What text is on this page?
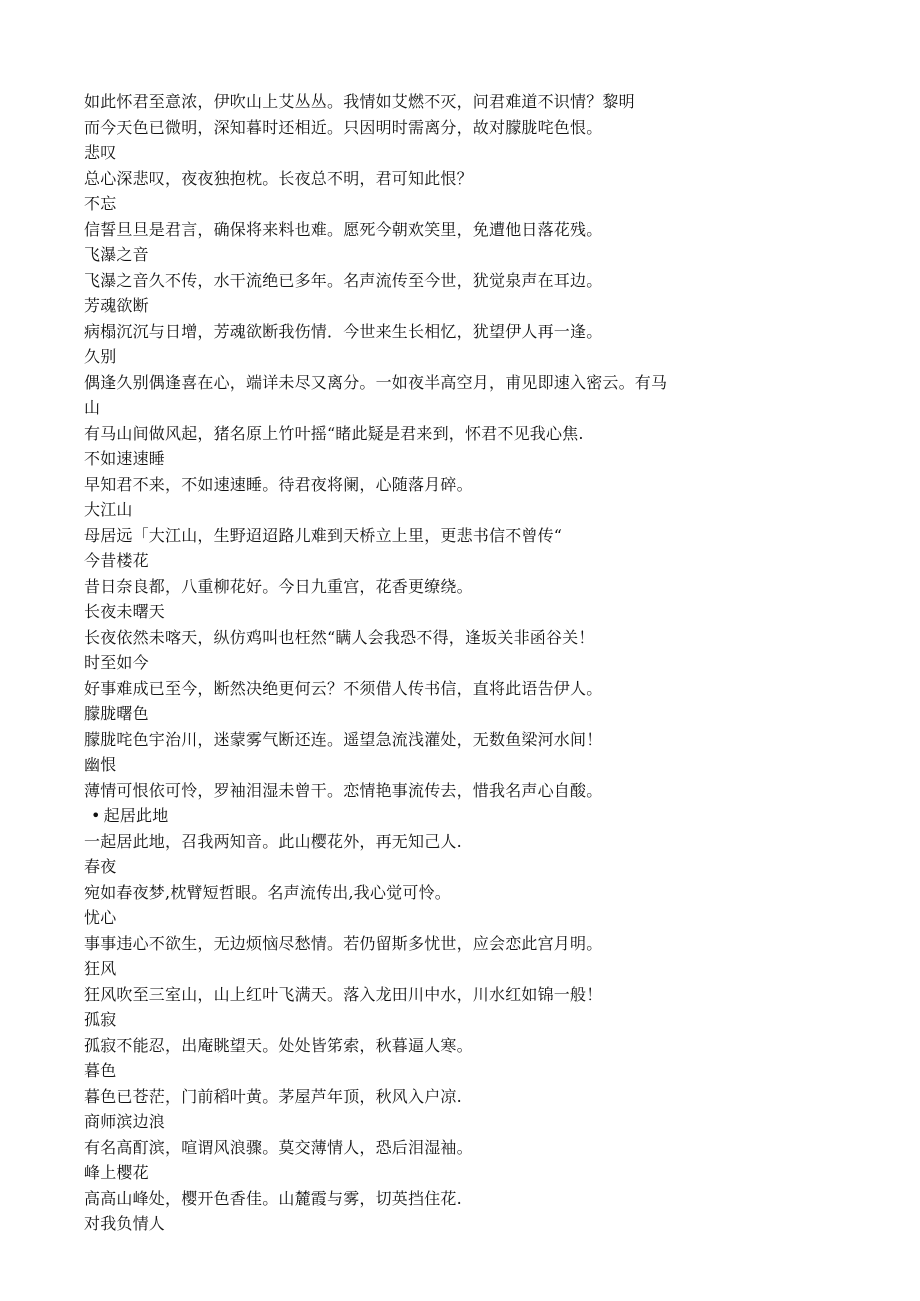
如此怀君至意浓，伊吹山上艾丛丛。我情如艾燃不灭，问君难道不识情？黎明
而今天色已微明，深知暮时还相近。只因明时需离分，故对朦胧咤色恨。
悲叹
总心深悲叹，夜夜独抱枕。长夜总不明，君可知此恨？
不忘
信誓旦旦是君言，确保将来料也难。愿死今朝欢笑里，免遭他日落花残。
飞瀑之音
飞瀑之音久不传，水干流绝已多年。名声流传至今世，犹觉泉声在耳边。
芳魂欲断
病榻沉沉与日增，芳魂欲断我伤情．今世来生长相忆，犹望伊人再一逢。
久别
偶逢久别偶逢喜在心，端详未尽又离分。一如夜半高空月，甫见即速入密云。有马
山
有马山间做风起，猪名原上竹叶摇“睹此疑是君来到，怀君不见我心焦.
不如速速睡
早知君不来，不如速速睡。待君夜将阑，心随落月碎。
大江山
母居远「大江山，生野迢迢路儿难到天桥立上里，更悲书信不曾传“
今昔楼花
昔日奈良都，八重柳花好。今日九重宫，花香更缭绕。
长夜未曙天
长夜依然未喀天，纵仿鸡叫也枉然“瞒人会我恐不得，逢坂关非函谷关！
时至如今
好事难成已至今，断然决绝更何云？不须借人传书信，直将此语告伊人。
朦胧曙色
朦胧咤色宇治川，迷蒙雾气断还连。遥望急流浅灌处，无数鱼梁河水间！
幽恨
薄情可恨依可怜，罗袖泪湿未曾干。恋情艳事流传去，惜我名声心自酸。
• 起居此地
一起居此地，召我两知音。此山樱花外，再无知己人.
春夜
宛如春夜梦,枕臂短哲眼。名声流传出,我心觉可怜。
忧心
事事违心不欲生，无边烦恼尽愁情。若仍留斯多忧世，应会恋此宫月明。
狂风
狂风吹至三室山，山上红叶飞满天。落入龙田川中水，川水红如锦一般！
孤寂
孤寂不能忍，出庵眺望天。处处皆笫索，秋暮逼人寒。
暮色
暮色已苍茫，门前稻叶黄。茅屋芦年顶，秋风入户凉.
商师滨边浪
有名高酊滨，喧谓风浪骤。莫交薄情人，恐后泪湿袖。
峰上樱花
高高山峰处，樱开色香佳。山麓霞与雾，切英挡住花.
对我负情人
